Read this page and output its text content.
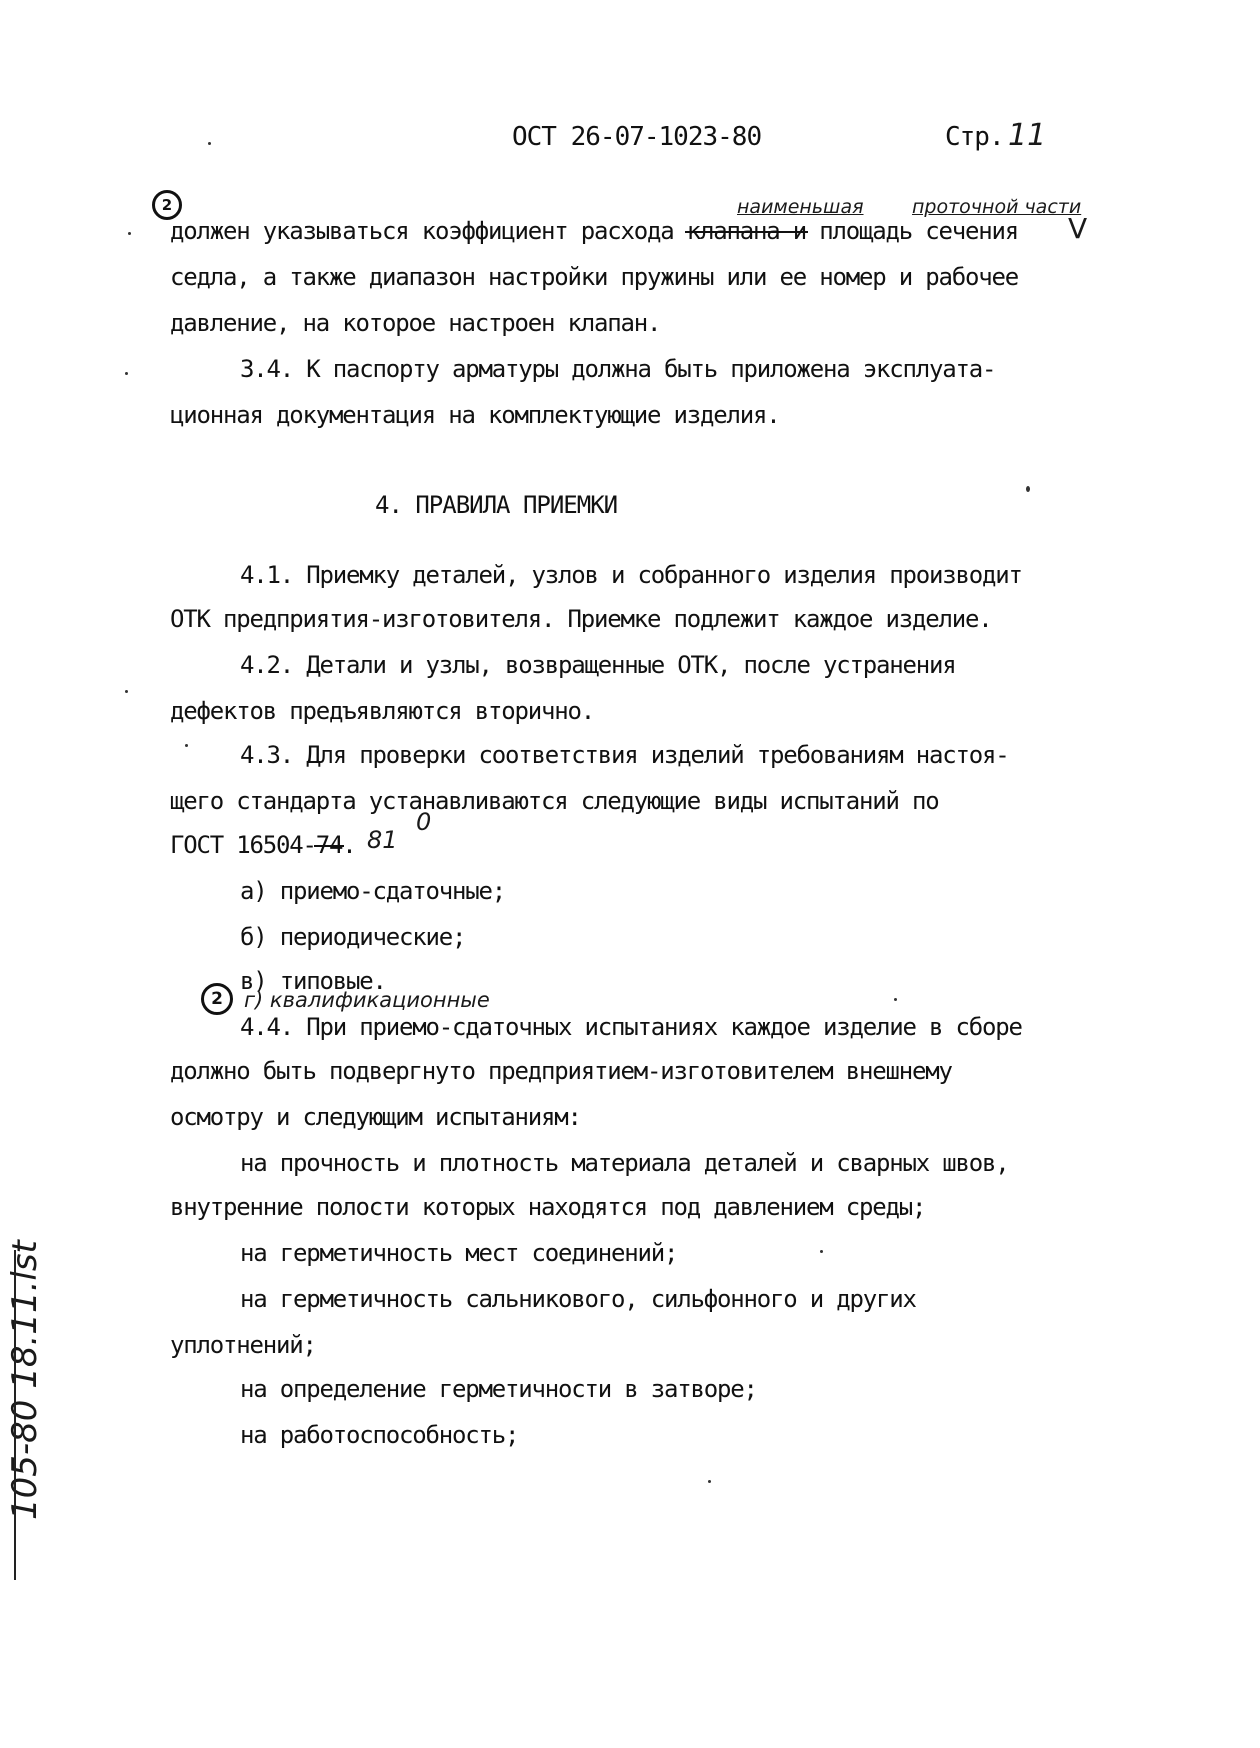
ОСТ 26-07-1023-80	Стр. 11
2	наименьшая	проточной части
должен указываться коэффициент расхода клапана и площадь сечения V
седла, а также диапазон настройки пружины или ее номер и рабочее
давление, на которое настроен клапан.
3.4. К паспорту арматуры должна быть приложена эксплуата-
ционная документация на комплектующие изделия.
4. ПРАВИЛА ПРИЕМКИ
4.1. Приемку деталей, узлов и собранного изделия производит
ОТК предприятия-изготовителя. Приемке подлежит каждое изделие.
4.2. Детали и узлы, возвращенные ОТК, после устранения
дефектов предъявляются вторично.
4.3. Для проверки соответствия изделий требованиям настоя-
щего стандарта устанавливаются следующие виды испытаний по
ГОСТ 16504-74. 81
0
а) приемо-сдаточные;
б) периодические;
в) типовые.
2	г) квалификационные
4.4. При приемо-сдаточных испытаниях каждое изделие в сборе
должно быть подвергнуто предприятием-изготовителем внешнему
осмотру и следующим испытаниям:
на прочность и плотность материала деталей и сварных швов,
внутренние полости которых находятся под давлением среды;
на герметичность мест соединений;
на герметичность сальникового, сильфонного и других
уплотнений;
на определение герметичности в затворе;
на работоспособность;
105-80 18.11.lst
